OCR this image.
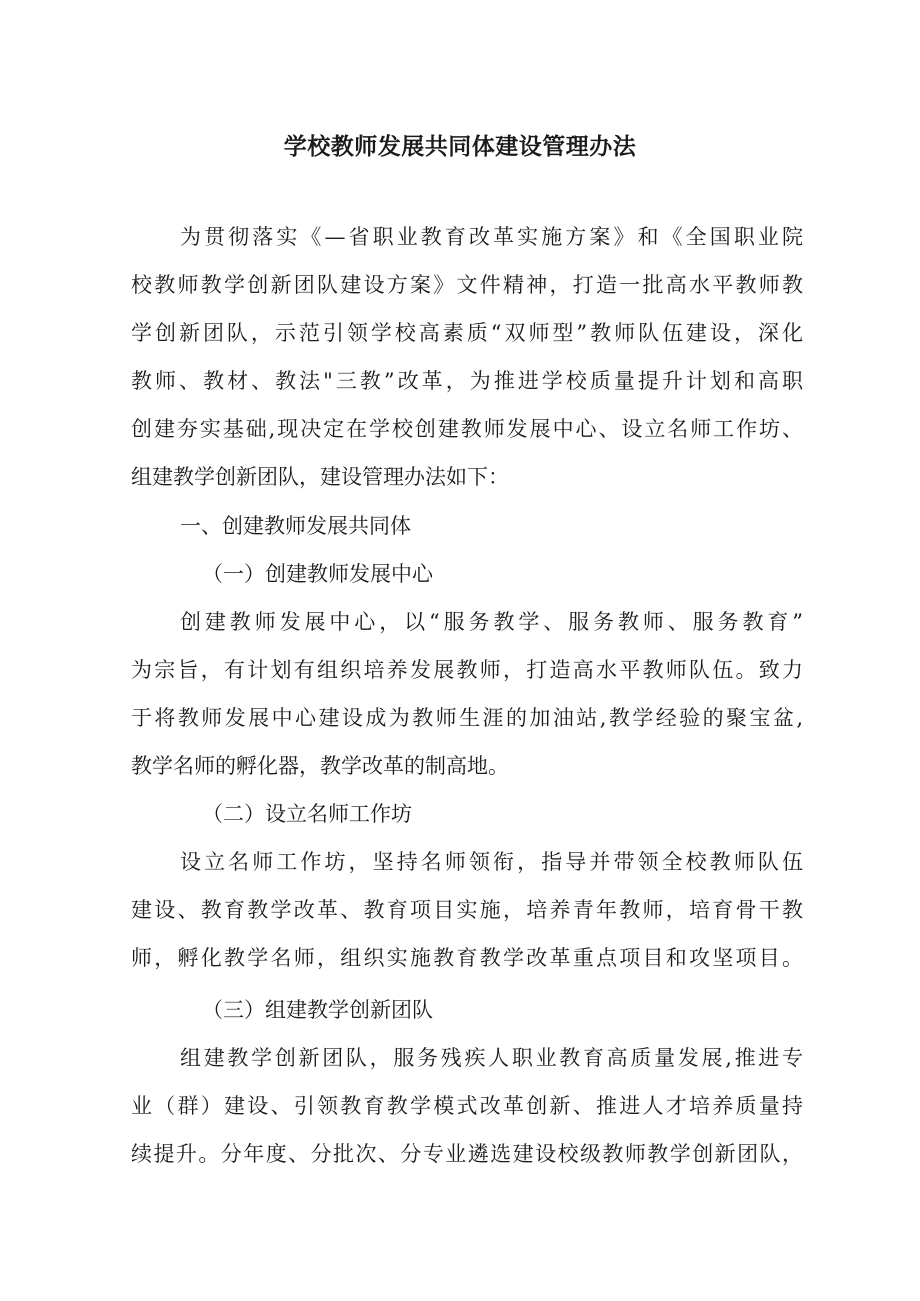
学校教师发展共同体建设管理办法

为贯彻落实《—省职业教育改革实施方案》和《全国职业院

校教师教学创新团队建设方案》文件精神，打造一批高水平教师教

学创新团队，示范引领学校高素质“双师型”教师队伍建设，深化

教师、教材、教法"三教”改革，为推进学校质量提升计划和高职

创建夯实基础,现决定在学校创建教师发展中心、设立名师工作坊、

组建教学创新团队，建设管理办法如下：

一、创建教师发展共同体

（一）创建教师发展中心

创建教师发展中心，以“服务教学、服务教师、服务教育”

为宗旨，有计划有组织培养发展教师，打造高水平教师队伍。致力

于将教师发展中心建设成为教师生涯的加油站,教学经验的聚宝盆,

教学名师的孵化器，教学改革的制高地。

（二）设立名师工作坊

设立名师工作坊，坚持名师领衔，指导并带领全校教师队伍

建设、教育教学改革、教育项目实施，培养青年教师，培育骨干教

师，孵化教学名师，组织实施教育教学改革重点项目和攻坚项目。

（三）组建教学创新团队

组建教学创新团队，服务残疾人职业教育高质量发展,推进专

业（群）建设、引领教育教学模式改革创新、推进人才培养质量持

续提升。分年度、分批次、分专业遴选建设校级教师教学创新团队，
